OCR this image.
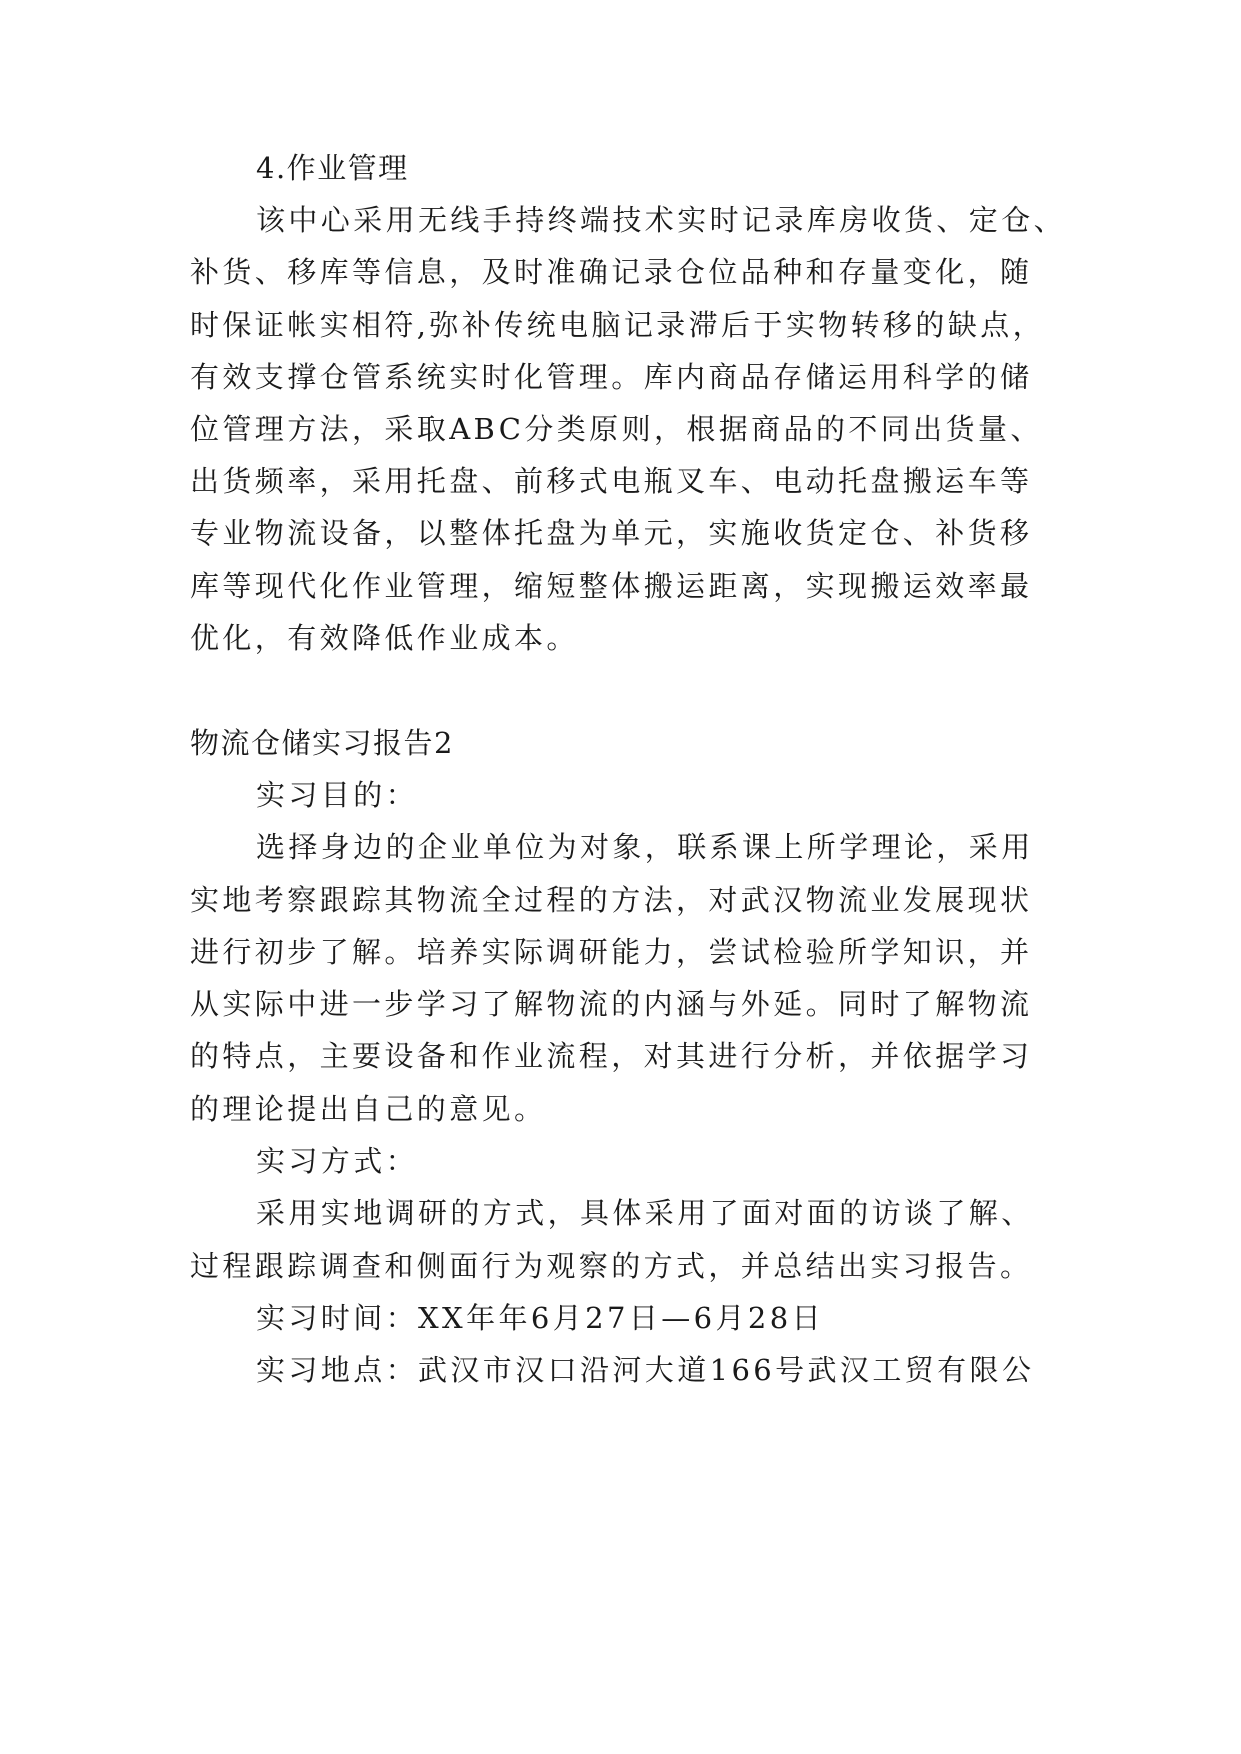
4.作业管理
该中心采用无线手持终端技术实时记录库房收货、定仓、
补货、移库等信息，及时准确记录仓位品种和存量变化，随
时保证帐实相符,弥补传统电脑记录滞后于实物转移的缺点，
有效支撑仓管系统实时化管理。库内商品存储运用科学的储
位管理方法，采取ABC分类原则，根据商品的不同出货量、
出货频率，采用托盘、前移式电瓶叉车、电动托盘搬运车等
专业物流设备，以整体托盘为单元，实施收货定仓、补货移
库等现代化作业管理，缩短整体搬运距离，实现搬运效率最
优化，有效降低作业成本。
物流仓储实习报告2
实习目的：
选择身边的企业单位为对象，联系课上所学理论，采用
实地考察跟踪其物流全过程的方法，对武汉物流业发展现状
进行初步了解。培养实际调研能力，尝试检验所学知识，并
从实际中进一步学习了解物流的内涵与外延。同时了解物流
的特点，主要设备和作业流程，对其进行分析，并依据学习
的理论提出自己的意见。
实习方式：
采用实地调研的方式，具体采用了面对面的访谈了解、
过程跟踪调查和侧面行为观察的方式，并总结出实习报告。
实习时间：XX年年6月27日—6月28日
实习地点：武汉市汉口沿河大道166号武汉工贸有限公
